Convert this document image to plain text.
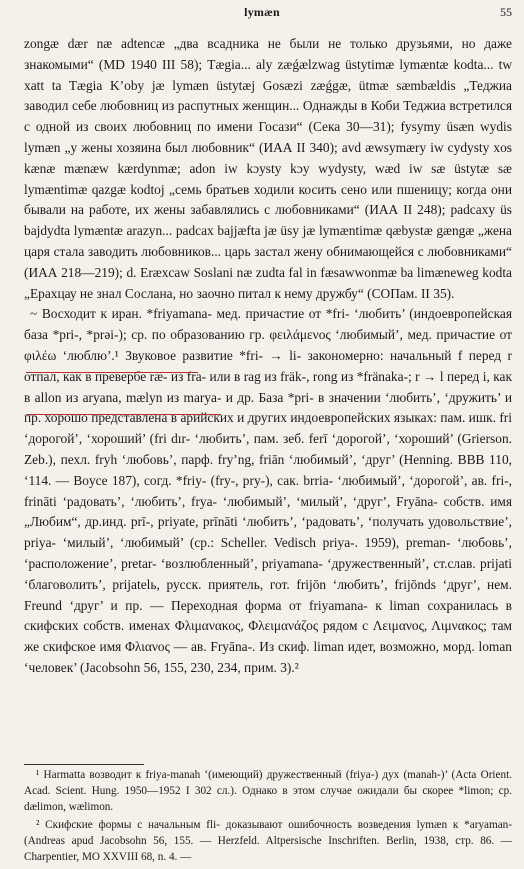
lymæn	55

zongæ dær næ adtencæ „два всадника не были не только друзьями, но даже знакомыми“ (MD 1940 III 58); Tægia... aly zæǵælzwag üstytimæ lymæntæ kodta... tw xatt ta Tægia K’oby jæ lymæn üstytæj Gosæzi zæǵgæ, ütmæ sæmbældis „Теджиа заводил себе любовниц из распутных женщин... Однажды в Коби Теджиа встретился с одной из своих любовниц по имени Госази“ (Сека 30—31); fysymy üsæn wydis lymæn „у жены хозяина был любовник“ (ИАА II 340); avd æwsymæry iw cydysty xos kænæ mænæw kærdynmæ; adon iw kɔysty kɔy wydysty, wæd iw sæ üstytæ sæ lymæntimæ qazgæ kodtoj „семь братьев ходили косить сено или пшеницу; когда они бывали на работе, их жены забавлялись с любовниками“ (ИАА II 248); padcaxy üs bajdydta lymæntæ arazyn... padcax bajjæfta jæ üsy jæ lymæntimæ qæbystæ gængæ „жена царя стала заводить любовников... царь застал жену обнимающейся с любовниками“ (ИАА 218—219); d. Eræxcaw Soslani næ zudta fal in fæsawwonmæ ba limæneweg kodta „Ерахцау не знал Сослана, но заочно питал к нему дружбу“ (СОПам. II 35).

~ Восходит к иран. *friyamana- мед. причастие от *fri- ‘любить’ (индоевропейская база *pri-, *prəi-); ср. по образованию гр. φειλάμενος ‘любимый’, мед. причастие от φιλέω ‘люблю’.¹ Звуковое развитие *fri- → li- закономерно: начальный f перед r отпал, как в превербе ræ- из fra- или в rag из fräk-, rong из *fränaka-; r → l перед i, как в allon из aryana, mælyn из marya- и др. База *pri- в значении ‘любить’, ‘дружить’ и пр. хорошо представлена в арийских и других индоевропейских языках: пам. ишк. fri ‘дорогой’, ‘хороший’ (fri dır- ‘любить’, пам. зеб. ferī ‘дорогой’, ‘хороший’ (Grierson. Zeb.), пехл. fryh ‘любовь’, парф. fry’ng, friān ‘любимый’, ‘друг’ (Henning. BBB 110, ‘114. — Boyce 187), согд. *friy- (fry-, pry-), сак. brria- ‘любимый’, ‘дорогой’, ав. fri-, frināti ‘радовать’, ‘любить’, frya- ‘любимый’, ‘милый’, ‘друг’, Fryāna- собств. имя „Любим“, др.инд. prī-, priyate, prīnāti ‘любить’, ‘радовать’, ‘получать удовольствие’, priya- ‘милый’, ‘любимый’ (ср.: Scheller. Vedisch priya-. 1959), preman- ‘любовь’, ‘расположение’, pretar- ‘возлюбленный’, priyamana- ‘дружественный’, ст.слав. prijati ‘благоволить’, prijatelь, русск. приятель, гот. frijōn ‘любить’, frijōnds ‘друг’, нем. Freund ‘друг’ и пр. — Переходная форма от friyamana- к liman сохранилась в скифских собств. именах Φλιμανακος, Φλειμανάζος рядом с Λειμανος, Λιμνακος; там же скифское имя Φλιανος — ав. Fryāna-. Из скиф. liman идет, возможно, морд. loman ‘человек’ (Jacobsohn 56, 155, 230, 234, прим. 3).²

¹ Harmatta возводит к friya-manah ‘(имеющий) дружественный (friya-) дух (manah-)’ (Acta Orient. Acad. Scient. Hung. 1950—1952 I 302 сл.). Однако в этом случае ожидали бы скорее *limon; ср. dælimon, wælimon.

² Скифские формы с начальным fli- доказывают ошибочность возведения lymæn к *aryaman- (Andreas apud Jacobsohn 56, 155. — Herzfeld. Altpersische Inschriften. Berlin, 1938, стр. 86. — Charpentier, MO XXVIII 68, n. 4. —
